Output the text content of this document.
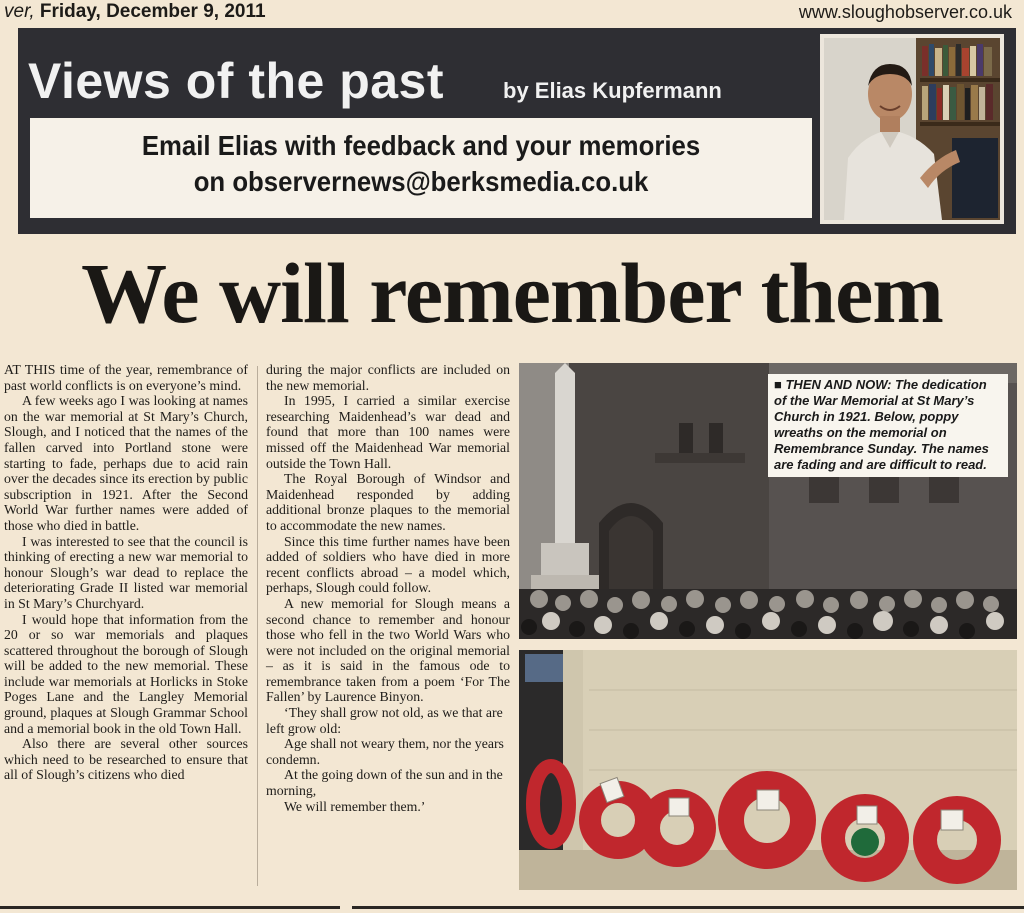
ver, Friday, December 9, 2011	www.sloughobserver.co.uk
Views of the past	by Elias Kupfermann
Email Elias with feedback and your memories
on observernews@berksmedia.co.uk
We will remember them

AT THIS time of the year, remembrance of past world conflicts is on everyone’s mind.

A few weeks ago I was looking at names on the war memorial at St Mary’s Church, Slough, and I noticed that the names of the fallen carved into Portland stone were starting to fade, perhaps due to acid rain over the decades since its erection by public subscription in 1921. After the Second World War further names were added of those who died in battle.

I was interested to see that the council is thinking of erecting a new war memorial to honour Slough’s war dead to replace the deteriorating Grade II listed war memorial in St Mary’s Churchyard.

I would hope that information from the 20 or so war memorials and plaques scattered throughout the borough of Slough will be added to the new memorial. These include war memorials at Horlicks in Stoke Poges Lane and the Langley Memorial ground, plaques at Slough Grammar School and a memorial book in the old Town Hall.

Also there are several other sources which need to be researched to ensure that all of Slough’s citizens who died

during the major conflicts are included on the new memorial.

In 1995, I carried a similar exercise researching Maidenhead’s war dead and found that more than 100 names were missed off the Maidenhead War memorial outside the Town Hall.

The Royal Borough of Windsor and Maidenhead responded by adding additional bronze plaques to the memorial to accommodate the new names.

Since this time further names have been added of soldiers who have died in more recent conflicts abroad – a model which, perhaps, Slough could follow.

A new memorial for Slough means a second chance to remember and honour those who fell in the two World Wars who were not included on the original memorial – as it is said in the famous ode to remembrance taken from a poem ‘For The Fallen’ by Laurence Binyon.

‘They shall grow not old, as we that are left grow old:

Age shall not weary them, nor the years condemn.

At the going down of the sun and in the morning,

We will remember them.’

■ THEN AND NOW: The dedication of the War Memorial at St Mary’s Church in 1921. Below, poppy wreaths on the memorial on Remembrance Sunday. The names are fading and are difficult to read.
